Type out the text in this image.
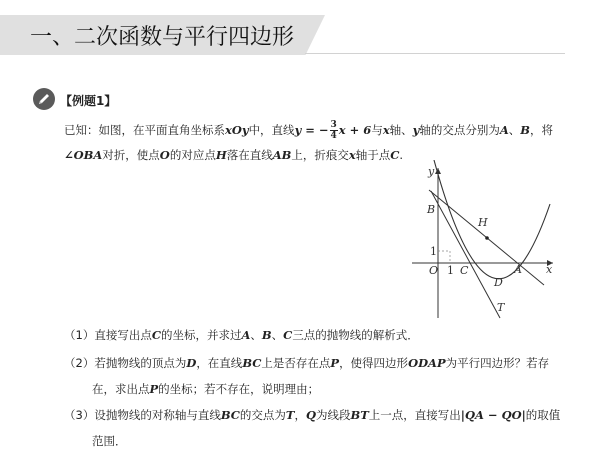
一、二次函数与平行四边形
【例题1】
已知：如图，在平面直角坐标系xOy中，直线y = − $\frac{3}{4}$ x + 6与x轴、y轴的交点分别为A、B，将
∠OBA对折，使点O的对应点H落在直线AB上，折痕交x轴于点C.
y
x
B
H
1
O 1 C	A
D
T
（1）直接写出点C的坐标，并求过A、B、C三点的抛物线的解析式．
（2）若抛物线的顶点为D，在直线BC上是否存在点P，使得四边形ODAP为平行四边形？若存
在，求出点P的坐标；若不存在，说明理由；
（3）设抛物线的对称轴与直线BC的交点为T，Q为线段BT上一点，直接写出|QA − QO|的取值
范围．
